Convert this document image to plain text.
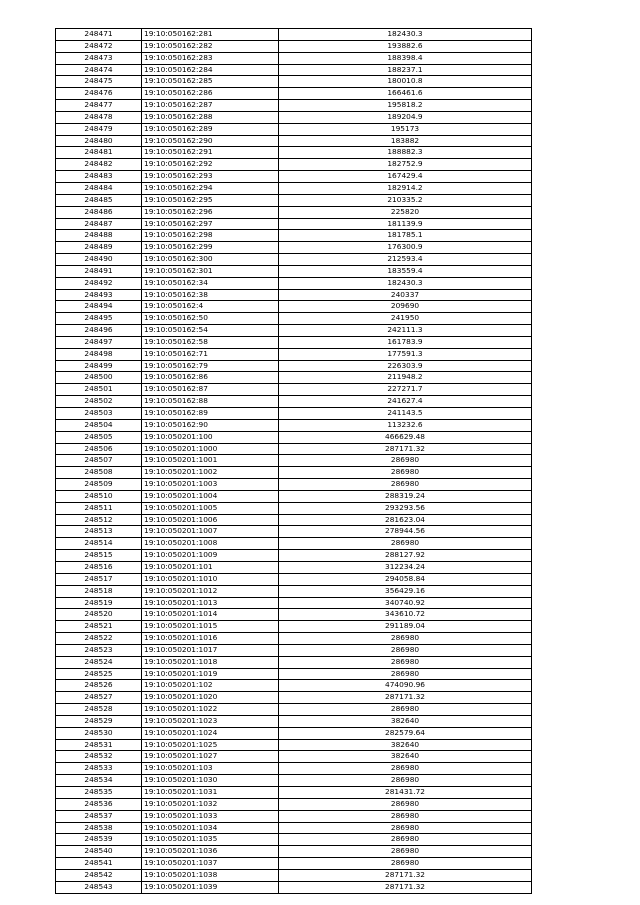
248471	19:10:050162:281	182430.3
248472	19:10:050162:282	193882.6
248473	19:10:050162:283	188398.4
248474	19:10:050162:284	188237.1
248475	19:10:050162:285	180010.8
248476	19:10:050162:286	166461.6
248477	19:10:050162:287	195818.2
248478	19:10:050162:288	189204.9
248479	19:10:050162:289	195173
248480	19:10:050162:290	183882
248481	19:10:050162:291	188882.3
248482	19:10:050162:292	182752.9
248483	19:10:050162:293	167429.4
248484	19:10:050162:294	182914.2
248485	19:10:050162:295	210335.2
248486	19:10:050162:296	225820
248487	19:10:050162:297	181139.9
248488	19:10:050162:298	181785.1
248489	19:10:050162:299	176300.9
248490	19:10:050162:300	212593.4
248491	19:10:050162:301	183559.4
248492	19:10:050162:34	182430.3
248493	19:10:050162:38	240337
248494	19:10:050162:4	209690
248495	19:10:050162:50	241950
248496	19:10:050162:54	242111.3
248497	19:10:050162:58	161783.9
248498	19:10:050162:71	177591.3
248499	19:10:050162:79	226303.9
248500	19:10:050162:86	211948.2
248501	19:10:050162:87	227271.7
248502	19:10:050162:88	241627.4
248503	19:10:050162:89	241143.5
248504	19:10:050162:90	113232.6
248505	19:10:050201:100	466629.48
248506	19:10:050201:1000	287171.32
248507	19:10:050201:1001	286980
248508	19:10:050201:1002	286980
248509	19:10:050201:1003	286980
248510	19:10:050201:1004	288319.24
248511	19:10:050201:1005	293293.56
248512	19:10:050201:1006	281623.04
248513	19:10:050201:1007	278944.56
248514	19:10:050201:1008	286980
248515	19:10:050201:1009	288127.92
248516	19:10:050201:101	312234.24
248517	19:10:050201:1010	294058.84
248518	19:10:050201:1012	356429.16
248519	19:10:050201:1013	340740.92
248520	19:10:050201:1014	343610.72
248521	19:10:050201:1015	291189.04
248522	19:10:050201:1016	286980
248523	19:10:050201:1017	286980
248524	19:10:050201:1018	286980
248525	19:10:050201:1019	286980
248526	19:10:050201:102	474090.96
248527	19:10:050201:1020	287171.32
248528	19:10:050201:1022	286980
248529	19:10:050201:1023	382640
248530	19:10:050201:1024	282579.64
248531	19:10:050201:1025	382640
248532	19:10:050201:1027	382640
248533	19:10:050201:103	286980
248534	19:10:050201:1030	286980
248535	19:10:050201:1031	281431.72
248536	19:10:050201:1032	286980
248537	19:10:050201:1033	286980
248538	19:10:050201:1034	286980
248539	19:10:050201:1035	286980
248540	19:10:050201:1036	286980
248541	19:10:050201:1037	286980
248542	19:10:050201:1038	287171.32
248543	19:10:050201:1039	287171.32
